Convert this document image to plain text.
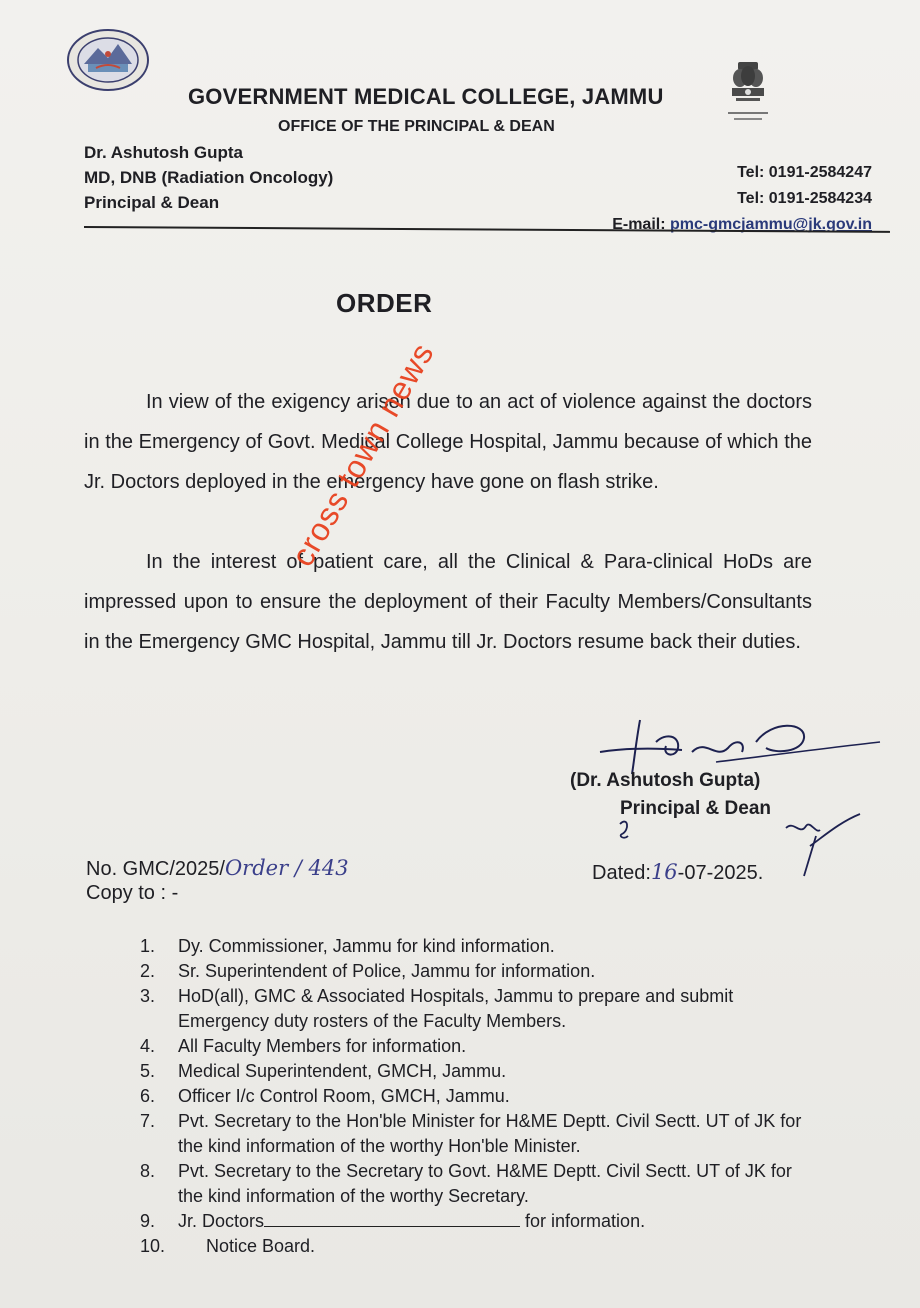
GOVERNMENT MEDICAL COLLEGE, JAMMU
OFFICE OF THE PRINCIPAL & DEAN
Dr. Ashutosh Gupta
MD, DNB (Radiation Oncology)
Principal & Dean
Tel: 0191-2584247
Tel: 0191-2584234
E-mail: pmc-gmcjammu@jk.gov.in
ORDER
In view of the exigency arisen due to an act of violence against the doctors in the Emergency of Govt. Medical College Hospital, Jammu because of which the Jr. Doctors deployed in the emergency have gone on flash strike.
In the interest of patient care, all the Clinical & Para-clinical HoDs are impressed upon to ensure the deployment of their Faculty Members/Consultants in the Emergency GMC Hospital, Jammu till Jr. Doctors resume back their duties.
cross town news
(Dr. Ashutosh Gupta)
Principal & Dean
No. GMC/2025/Order / 443	Dated:16-07-2025.
Copy to : -
1.	Dy. Commissioner, Jammu for kind information.
2.	Sr. Superintendent of Police, Jammu for information.
3.	HoD(all), GMC & Associated Hospitals, Jammu to prepare and submit Emergency duty rosters of the Faculty Members.
4.	All Faculty Members for information.
5.	Medical Superintendent, GMCH, Jammu.
6.	Officer I/c Control Room, GMCH, Jammu.
7.	Pvt. Secretary to the Hon'ble Minister for H&ME Deptt. Civil Sectt. UT of JK for the kind information of the worthy Hon'ble Minister.
8.	Pvt. Secretary to the Secretary to Govt. H&ME Deptt. Civil Sectt. UT of JK for the kind information of the worthy Secretary.
9.	Jr. Doctors	for information.
10.	Notice Board.
